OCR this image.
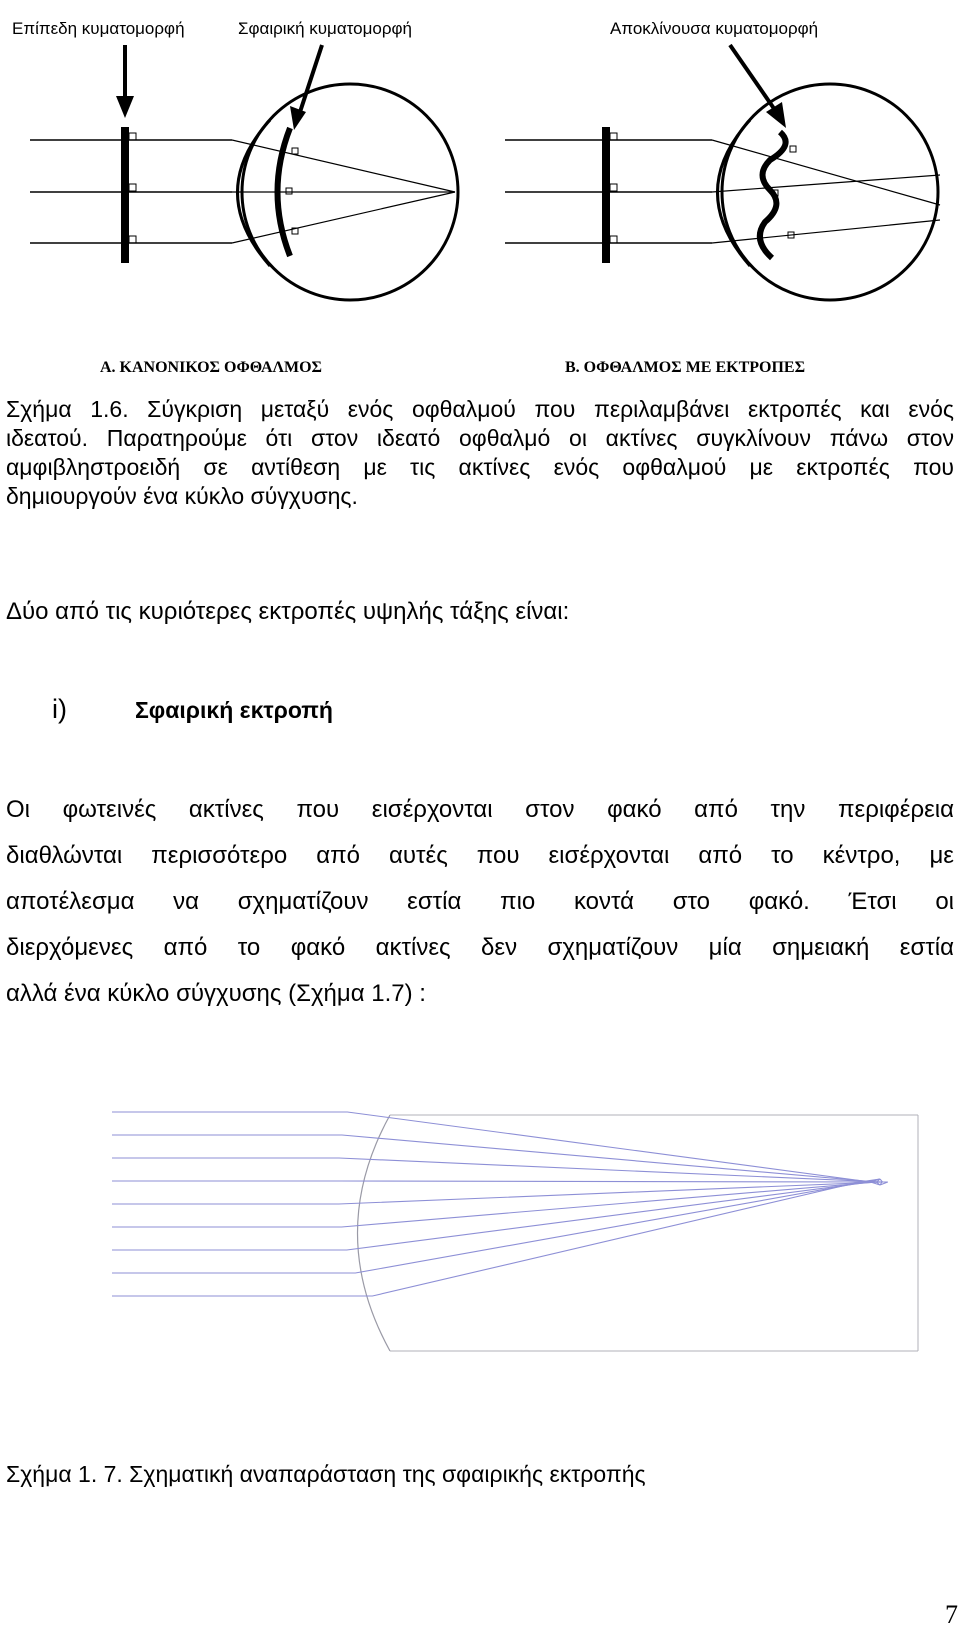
Επίπεδη κυματομορφή	Σφαιρική κυματομορφή	Αποκλίνουσα κυματομορφή
Α. ΚΑΝΟΝΙΚΟΣ ΟΦΘΑΛΜΟΣ	Β. ΟΦΘΑΛΜΟΣ ΜΕ ΕΚΤΡΟΠΕΣ
Σχήμα 1.6. Σύγκριση μεταξύ ενός οφθαλμού που περιλαμβάνει εκτροπές και ενός
ιδεατού. Παρατηρούμε ότι στον ιδεατό οφθαλμό οι ακτίνες συγκλίνουν πάνω στον
αμφιβληστροειδή σε αντίθεση με τις ακτίνες ενός οφθαλμού με εκτροπές που
δημιουργούν ένα κύκλο σύγχυσης.
Δύο από τις κυριότερες εκτροπές υψηλής τάξης είναι:
i)	Σφαιρική εκτροπή
Οι φωτεινές ακτίνες που εισέρχονται στον φακό από την περιφέρεια
διαθλώνται περισσότερο από αυτές που εισέρχονται από το κέντρο, με
αποτέλεσμα να σχηματίζουν εστία πιο κοντά στο φακό. Έτσι οι
διερχόμενες από το φακό ακτίνες δεν σχηματίζουν μία σημειακή εστία
αλλά ένα κύκλο σύγχυσης (Σχήμα 1.7) :
Σχήμα 1. 7. Σχηματική αναπαράσταση της σφαιρικής εκτροπής
7
